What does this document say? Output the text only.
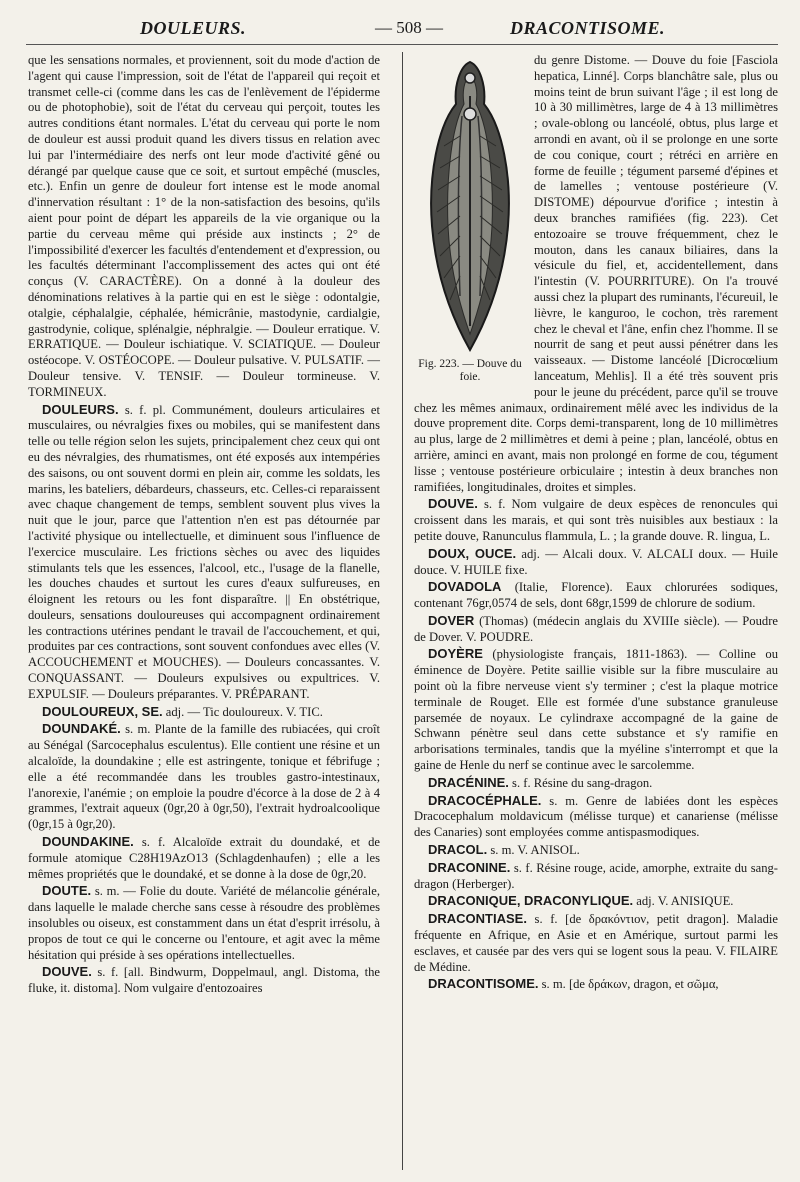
DOULEURS.	— 508 —	DRACONTISOME.

que les sensations normales, et proviennent, soit du mode d'action de l'agent qui cause l'impression, soit de l'état de l'appareil qui reçoit et transmet celle-ci (comme dans les cas de l'enlèvement de l'épiderme ou de photophobie), soit de l'état du cerveau qui perçoit, toutes les autres conditions étant normales. L'état du cerveau qui porte le nom de douleur est aussi produit quand les divers tissus en relation avec lui par l'intermédiaire des nerfs ont leur mode d'activité gêné ou dérangé par quelque cause que ce soit, et surtout empêché (muscles, etc.). Enfin un genre de douleur fort intense est le mode anomal d'innervation résultant : 1° de la non-satisfaction des besoins, qu'ils aient pour point de départ les appareils de la vie organique ou la partie du cerveau même qui préside aux instincts ; 2° de l'impossibilité d'exercer les facultés d'entendement et d'expression, ou les facultés déterminant l'accomplissement des actes qui ont été conçus (V. CARACTÈRE). On a donné à la douleur des dénominations relatives à la partie qui en est le siège : odontalgie, otalgie, céphalalgie, céphalée, hémicrânie, mastodynie, cardialgie, gastrodynie, colique, splénalgie, néphralgie. — Douleur erratique. V. ERRATIQUE. — Douleur ischiatique. V. SCIATIQUE. — Douleur ostéocope. V. OSTÉOCOPE. — Douleur pulsative. V. PULSATIF. — Douleur tensive. V. TENSIF. — Douleur tormineuse. V. TORMINEUX.

DOULEURS. s. f. pl. Communément, douleurs articulaires et musculaires, ou névralgies fixes ou mobiles, qui se manifestent dans telle ou telle région selon les sujets, principalement chez ceux qui ont eu des névralgies, des rhumatismes, ont été exposés aux intempéries des saisons, ou ont souvent dormi en plein air, comme les soldats, les marins, les bateliers, débardeurs, chasseurs, etc. Celles-ci reparaissent avec chaque changement de temps, semblent souvent plus vives la nuit que le jour, parce que l'attention n'en est pas détournée par l'activité physique ou intellectuelle, et diminuent sous l'influence de l'exercice musculaire. Les frictions sèches ou avec des liquides stimulants tels que les essences, l'alcool, etc., l'usage de la flanelle, les douches chaudes et surtout les cures d'eaux sulfureuses, en éloignent les retours ou les font disparaître. || En obstétrique, douleurs, sensations douloureuses qui accompagnent ordinairement les contractions utérines pendant le travail de l'accouchement, et qui, produites par ces contractions, sont souvent confondues avec elles (V. ACCOUCHEMENT et MOUCHES). — Douleurs concassantes. V. CONQUASSANT. — Douleurs expulsives ou expultrices. V. EXPULSIF. — Douleurs préparantes. V. PRÉPARANT.

DOULOUREUX, SE. adj. — Tic douloureux. V. TIC.

DOUNDAKÉ. s. m. Plante de la famille des rubiacées, qui croît au Sénégal (Sarcocephalus esculentus). Elle contient une résine et un alcaloïde, la doundakine ; elle est astringente, tonique et fébrifuge ; elle a été recommandée dans les troubles gastro-intestinaux, l'anorexie, l'anémie ; on emploie la poudre d'écorce à la dose de 2 à 4 grammes, l'extrait aqueux (0gr,20 à 0gr,50), l'extrait hydroalcoolique (0gr,15 à 0gr,20).

DOUNDAKINE. s. f. Alcaloïde extrait du doundaké, et de formule atomique C28H19AzO13 (Schlagdenhaufen) ; elle a les mêmes propriétés que le doundaké, et se donne à la dose de 0gr,20.

DOUTE. s. m. — Folie du doute. Variété de mélancolie générale, dans laquelle le malade cherche sans cesse à résoudre des problèmes insolubles ou oiseux, est constamment dans un état d'esprit irrésolu, à propos de tout ce qui le concerne ou l'entoure, et agit avec la même hésitation qui préside à ses opérations intellectuelles.

DOUVE. s. f. [all. Bindwurm, Doppelmaul, angl. Distoma, the fluke, it. distoma]. Nom vulgaire d'entozoaires

Fig. 223. — Douve du foie.

du genre Distome. — Douve du foie [Fasciola hepatica, Linné]. Corps blanchâtre sale, plus ou moins teint de brun suivant l'âge ; il est long de 10 à 30 millimètres, large de 4 à 13 millimètres ; ovale-oblong ou lancéolé, obtus, plus large et arrondi en avant, où il se prolonge en une sorte de cou conique, court ; rétréci en arrière en forme de feuille ; tégument parsemé d'épines et de lamelles ; ventouse postérieure (V. DISTOME) dépourvue d'orifice ; intestin à deux branches ramifiées (fig. 223). Cet entozoaire se trouve fréquemment, chez le mouton, dans les canaux biliaires, dans la vésicule du fiel, et, accidentellement, dans l'intestin (V. POURRITURE). On l'a trouvé aussi chez la plupart des ruminants, l'écureuil, le lièvre, le kanguroo, le cochon, très rarement chez le cheval et l'âne, enfin chez l'homme. Il se nourrit de sang et peut aussi pénétrer dans les vaisseaux. — Distome lancéolé [Dicrocœlium lanceatum, Mehlis]. Il a été très souvent pris pour le jeune du précédent, parce qu'il se trouve chez les mêmes animaux, ordinairement mêlé avec les individus de la douve proprement dite. Corps demi-transparent, long de 10 millimètres au plus, large de 2 millimètres et demi à peine ; plan, lancéolé, obtus en arrière, aminci en avant, mais non prolongé en forme de cou, tégument lisse ; ventouse postérieure orbiculaire ; intestin à deux branches non ramifiées, longitudinales, droites et simples.

DOUVE. s. f. Nom vulgaire de deux espèces de renoncules qui croissent dans les marais, et qui sont très nuisibles aux bestiaux : la petite douve, Ranunculus flammula, L. ; la grande douve. R. lingua, L.

DOUX, OUCE. adj. — Alcali doux. V. ALCALI doux. — Huile douce. V. HUILE fixe.

DOVADOLA (Italie, Florence). Eaux chlorurées sodiques, contenant 76gr,0574 de sels, dont 68gr,1599 de chlorure de sodium.

DOVER (Thomas) (médecin anglais du XVIIIe siècle). — Poudre de Dover. V. POUDRE.

DOYÈRE (physiologiste français, 1811-1863). — Colline ou éminence de Doyère. Petite saillie visible sur la fibre musculaire au point où la fibre nerveuse vient s'y terminer ; c'est la plaque motrice terminale de Rouget. Elle est formée d'une substance granuleuse parsemée de noyaux. Le cylindraxe accompagné de la gaine de Schwann pénètre seul dans cette substance et s'y ramifie en arborisations terminales, tandis que la myéline s'interrompt et que la gaine de Henle du nerf se continue avec le sarcolemme.

DRACÉNINE. s. f. Résine du sang-dragon.

DRACOCÉPHALE. s. m. Genre de labiées dont les espèces Dracocephalum moldavicum (mélisse turque) et canariense (mélisse des Canaries) sont employées comme antispasmodiques.

DRACOL. s. m. V. ANISOL.

DRACONINE. s. f. Résine rouge, acide, amorphe, extraite du sang-dragon (Herberger).

DRACONIQUE, DRACONYLIQUE. adj. V. ANISIQUE.

DRACONTIASE. s. f. [de δρακόντιον, petit dragon]. Maladie fréquente en Afrique, en Asie et en Amérique, surtout parmi les esclaves, et causée par des vers qui se logent sous la peau. V. FILAIRE de Médine.

DRACONTISOME. s. m. [de δράκων, dragon, et σῶμα,
